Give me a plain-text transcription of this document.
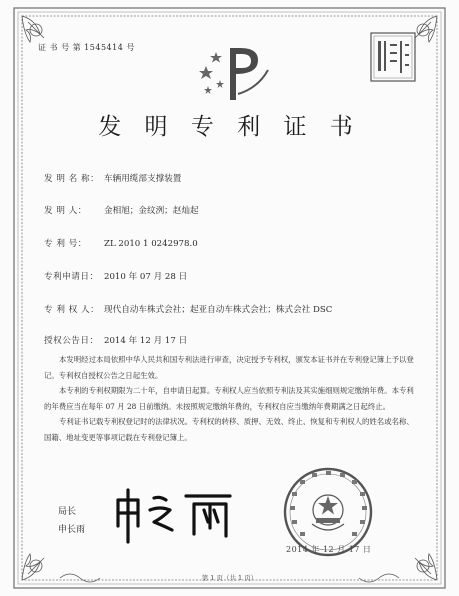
证 书 号 第 1545414 号
发 明 专 利 证 书
发 明 名 称： 车辆用缆部支撑装置
发 明 人： 金相旭；金纹洌；赵灿起
专 利 号： ZL 2010 1 0242978.0
专利申请日： 2010 年 07 月 28 日
专 利 权 人： 现代自动车株式会社；起亚自动车株式会社；株式会社 DSC
授权公告日： 2014 年 12 月 17 日

本发明经过本局依照中华人民共和国专利法进行审查，决定授予专利权，颁发本证书并在专利登记簿上予以登记。专利权自授权公告之日起生效。

本专利的专利权期限为二十年，自申请日起算。专利权人应当依照专利法及其实施细则规定缴纳年费。本专利的年费应当在每年 07 月 28 日前缴纳。未按照规定缴纳年费的，专利权自应当缴纳年费期满之日起终止。

专利证书记载专利权登记时的法律状况。专利权的转移、质押、无效、终止、恢复和专利权人的姓名或名称、国籍、地址变更等事项记载在专利登记簿上。

局长
申长雨
2014 年 12 月 17 日
第 1 页（共 1 页）
